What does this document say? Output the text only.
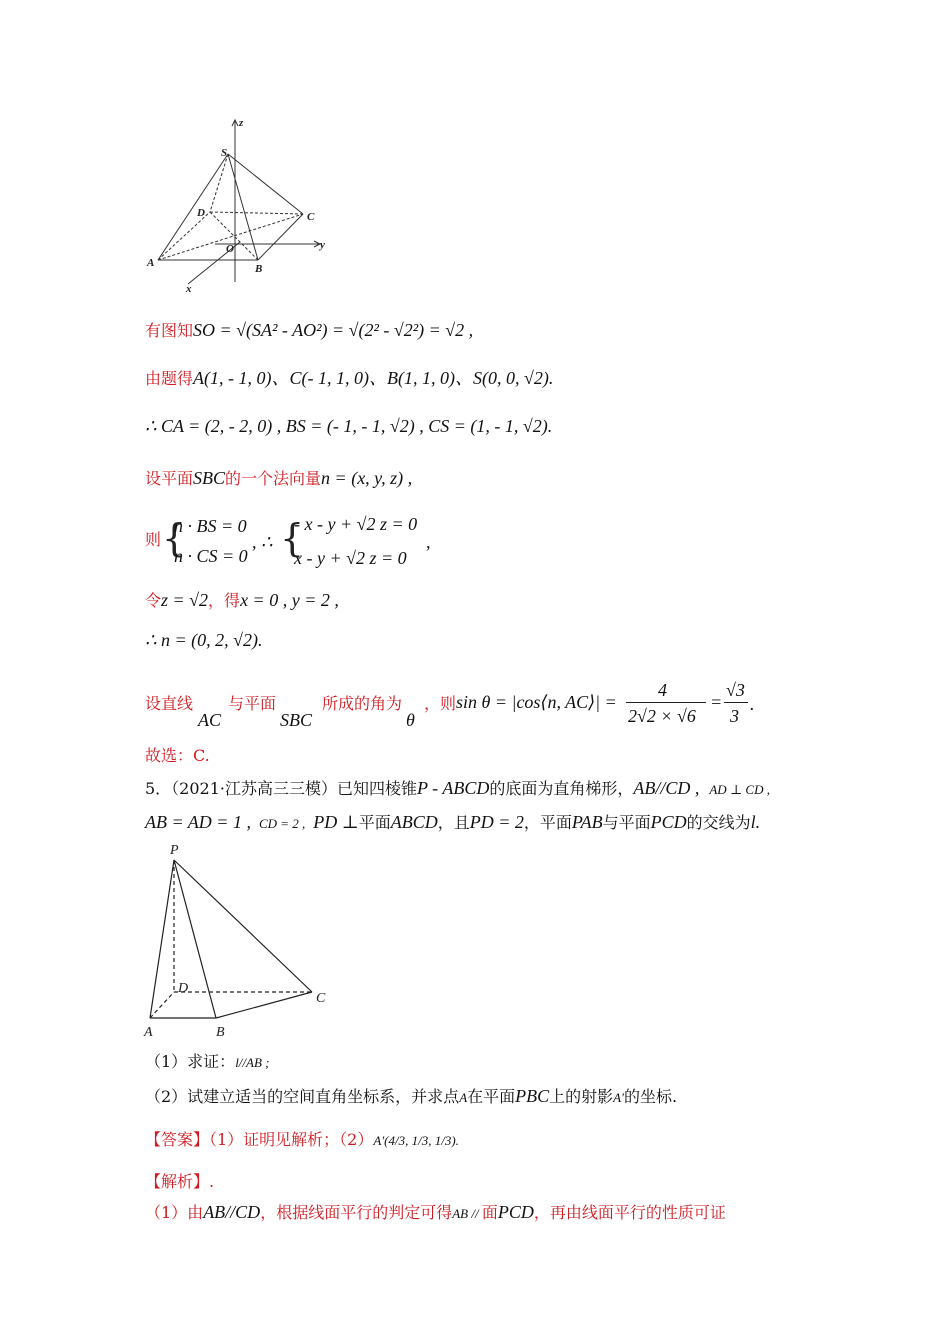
z
S
D	C
y
O
A	B
x
有图知SO = √(SA² - AO²) = √(2² - √2²) = √2 ,
由题得A(1, - 1, 0)、C(- 1, 1, 0)、B(1, 1, 0)、S(0, 0, √2).
∴ CA = (2, - 2, 0) , BS = (- 1, - 1, √2) , CS = (1, - 1, √2).
设平面SBC的一个法向量n = (x, y, z) ,
则 {
n · BS = 0
n · CS = 0
, ∴ {
- x - y + √2 z = 0
x - y + √2 z = 0
,
令z = √2，得x = 0 , y = 2 ,
∴ n = (0, 2, √2).
设直线
AC
与平面
SBC
所成的角为
θ
，则 sin θ = |cos⟨n, AC⟩| =
4
2√2 × √6
=
√3
3
.
故选：C.
5．（2021·江苏高三三模）已知四棱锥P - ABCD的底面为直角梯形，AB//CD , AD ⊥ CD ,
AB = AD = 1 , CD = 2 , PD ⊥平面ABCD，且PD = 2，平面PAB与平面PCD的交线为l.
P
D
C
A	B
（1）求证：l//AB ;
（2）试建立适当的空间直角坐标系，并求点A在平面PBC上的射影A′的坐标.
【答案】（1）证明见解析；（2）A′(4/3, 1/3, 1/3).
【解析】.
（1）由AB//CD，根据线面平行的判定可得AB // 面PCD，再由线面平行的性质可证
